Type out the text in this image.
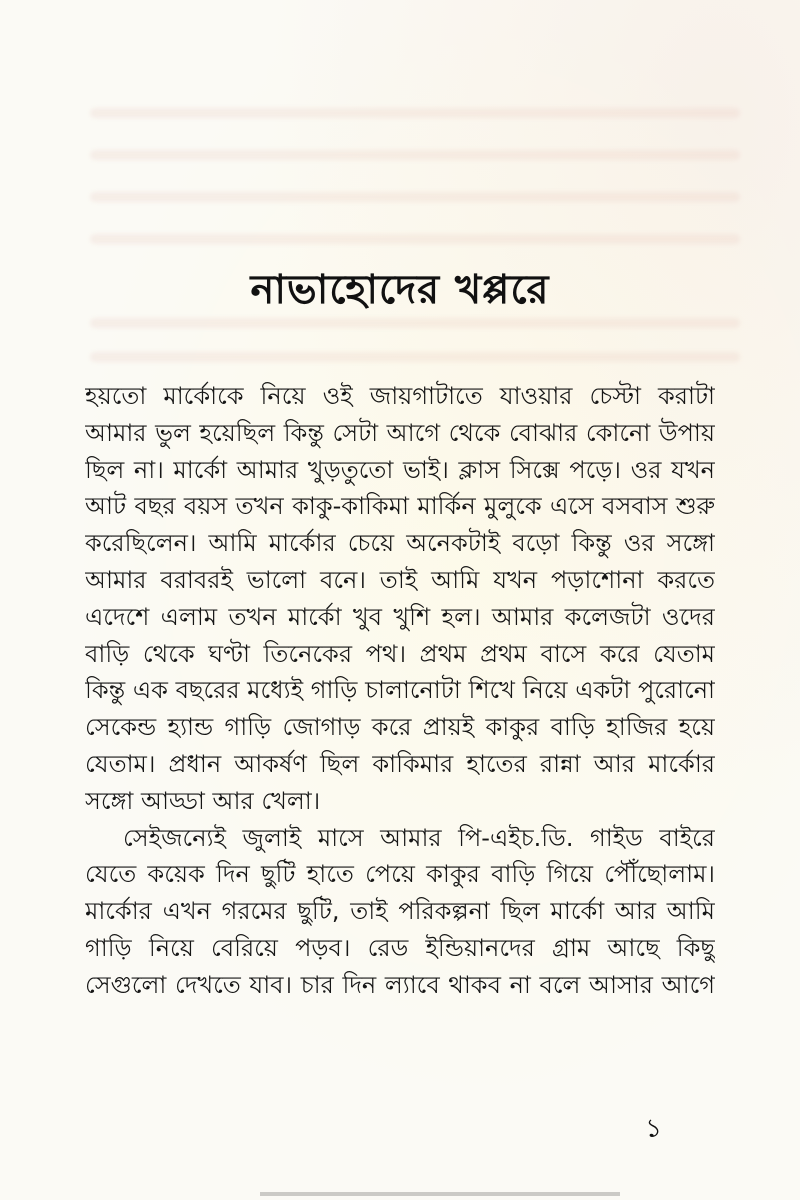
নাভাহোদের খপ্পরে
হয়তো মার্কোকে নিয়ে ওই জায়গাটাতে যাওয়ার চেস্টা করাটা
আমার ভুল হয়েছিল কিন্তু সেটা আগে থেকে বোঝার কোনো উপায়
ছিল না। মার্কো আমার খুড়তুতো ভাই। ক্লাস সিক্সে পড়ে। ওর যখন
আট বছর বয়স তখন কাকু-কাকিমা মার্কিন মুলুকে এসে বসবাস শুরু
করেছিলেন। আমি মার্কোর চেয়ে অনেকটাই বড়ো কিন্তু ওর সঙ্গো
আমার বরাবরই ভালো বনে। তাই আমি যখন পড়াশোনা করতে
এদেশে এলাম তখন মার্কো খুব খুশি হল। আমার কলেজটা ওদের
বাড়ি থেকে ঘণ্টা তিনেকের পথ। প্রথম প্রথম বাসে করে যেতাম
কিন্তু এক বছরের মধ্যেই গাড়ি চালানোটা শিখে নিয়ে একটা পুরোনো
সেকেন্ড হ্যান্ড গাড়ি জোগাড় করে প্রায়ই কাকুর বাড়ি হাজির হয়ে
যেতাম। প্রধান আকর্ষণ ছিল কাকিমার হাতের রান্না আর মার্কোর
সঙ্গো আড্ডা আর খেলা।
সেইজন্যেই জুলাই মাসে আমার পি-এইচ.ডি. গাইড বাইরে
যেতে কয়েক দিন ছুটি হাতে পেয়ে কাকুর বাড়ি গিয়ে পৌঁছোলাম।
মার্কোর এখন গরমের ছুটি, তাই পরিকল্পনা ছিল মার্কো আর আমি
গাড়ি নিয়ে বেরিয়ে পড়ব। রেড ইন্ডিয়ানদের গ্রাম আছে কিছু
সেগুলো দেখতে যাব। চার দিন ল্যাবে থাকব না বলে আসার আগে
১
